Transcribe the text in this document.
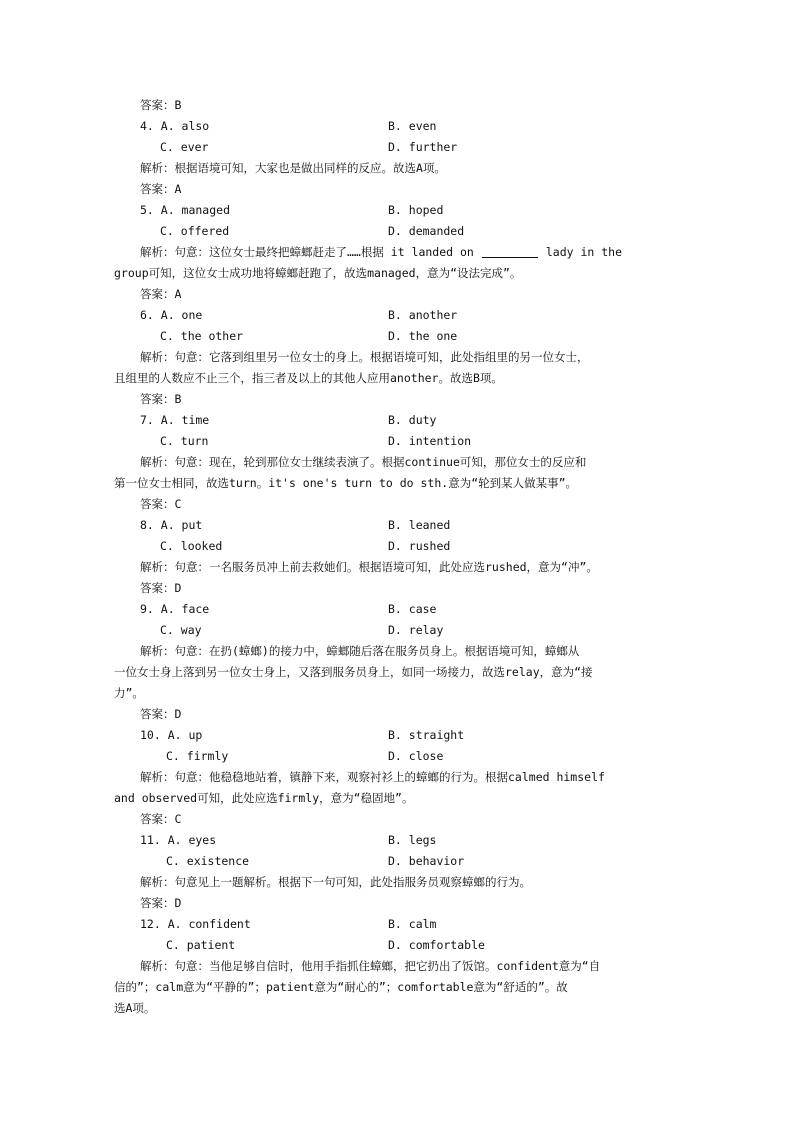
答案：B
4. A. also	B. even
C. ever	D. further
解析：根据语境可知，大家也是做出同样的反应。故选A项。
答案：A
5. A. managed	B. hoped
C. offered	D. demanded
解析：句意：这位女士最终把蟑螂赶走了……根据 it landed on	lady in the
group可知，这位女士成功地将蟑螂赶跑了，故选managed，意为“设法完成”。
答案：A
6. A. one	B. another
C. the other	D. the one
解析：句意：它落到组里另一位女士的身上。根据语境可知，此处指组里的另一位女士，
且组里的人数应不止三个，指三者及以上的其他人应用another。故选B项。
答案：B
7. A. time	B. duty
C. turn	D. intention
解析：句意：现在，轮到那位女士继续表演了。根据continue可知，那位女士的反应和
第一位女士相同，故选turn。it's one's turn to do sth.意为“轮到某人做某事”。
答案：C
8. A. put	B. leaned
C. looked	D. rushed
解析：句意：一名服务员冲上前去救她们。根据语境可知，此处应选rushed，意为“冲”。
答案：D
9. A. face	B. case
C. way	D. relay
解析：句意：在扔(蟑螂)的接力中，蟑螂随后落在服务员身上。根据语境可知，蟑螂从
一位女士身上落到另一位女士身上，又落到服务员身上，如同一场接力，故选relay，意为“接
力”。
答案：D
10. A. up	B. straight
C. firmly	D. close
解析：句意：他稳稳地站着，镇静下来，观察衬衫上的蟑螂的行为。根据calmed himself
and observed可知，此处应选firmly，意为“稳固地”。
答案：C
11. A. eyes	B. legs
C. existence	D. behavior
解析：句意见上一题解析。根据下一句可知，此处指服务员观察蟑螂的行为。
答案：D
12. A. confident	B. calm
C. patient	D. comfortable
解析：句意：当他足够自信时，他用手指抓住蟑螂，把它扔出了饭馆。confident意为“自
信的”；calm意为“平静的”；patient意为“耐心的”；comfortable意为“舒适的”。故
选A项。
